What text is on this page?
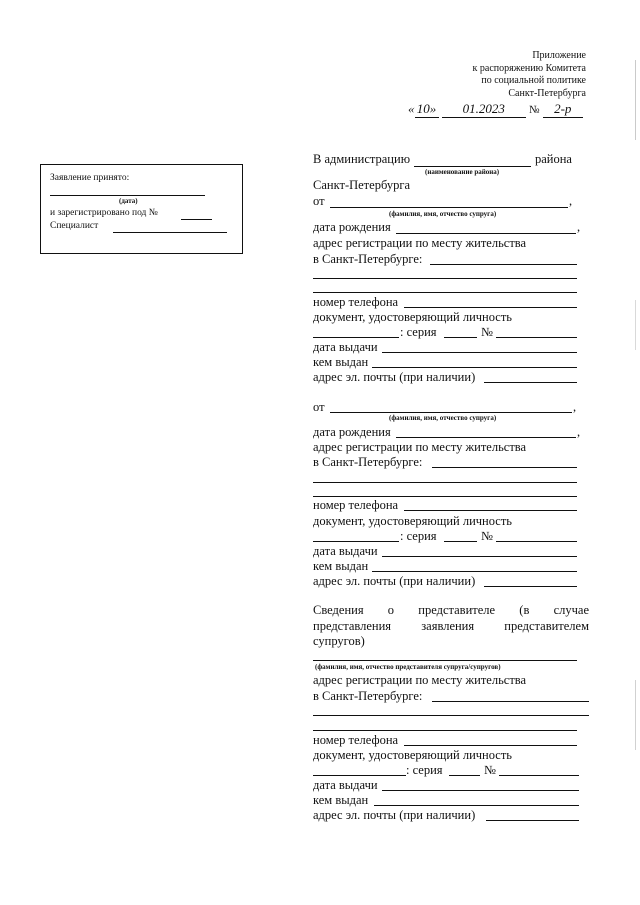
Приложение
к распоряжению Комитета
по социальной политике
Санкт-Петербурга
« 10» 01.2023 № 2-р
Заявление принято:
(дата)
и зарегистрировано под №
Специалист
В администрацию	района
(наименование района)
Санкт-Петербурга
от	,
(фамилия, имя, отчество супруга)
дата рождения	,
адрес регистрации по месту жительства
в Санкт-Петербурге:
номер телефона
документ, удостоверяющий личность
: серия	№
дата выдачи
кем выдан
адрес эл. почты (при наличии)
от	,
(фамилия, имя, отчество супруга)
дата рождения	,
адрес регистрации по месту жительства
в Санкт-Петербурге:
номер телефона
документ, удостоверяющий личность
: серия	№
дата выдачи
кем выдан
адрес эл. почты (при наличии)
Сведения о представителе (в случае
представления заявления представителем
супругов)
(фамилия, имя, отчество представителя супруга/супругов)
адрес регистрации по месту жительства
в Санкт-Петербурге:
номер телефона
документ, удостоверяющий личность
: серия	№
дата выдачи
кем выдан
адрес эл. почты (при наличии)
